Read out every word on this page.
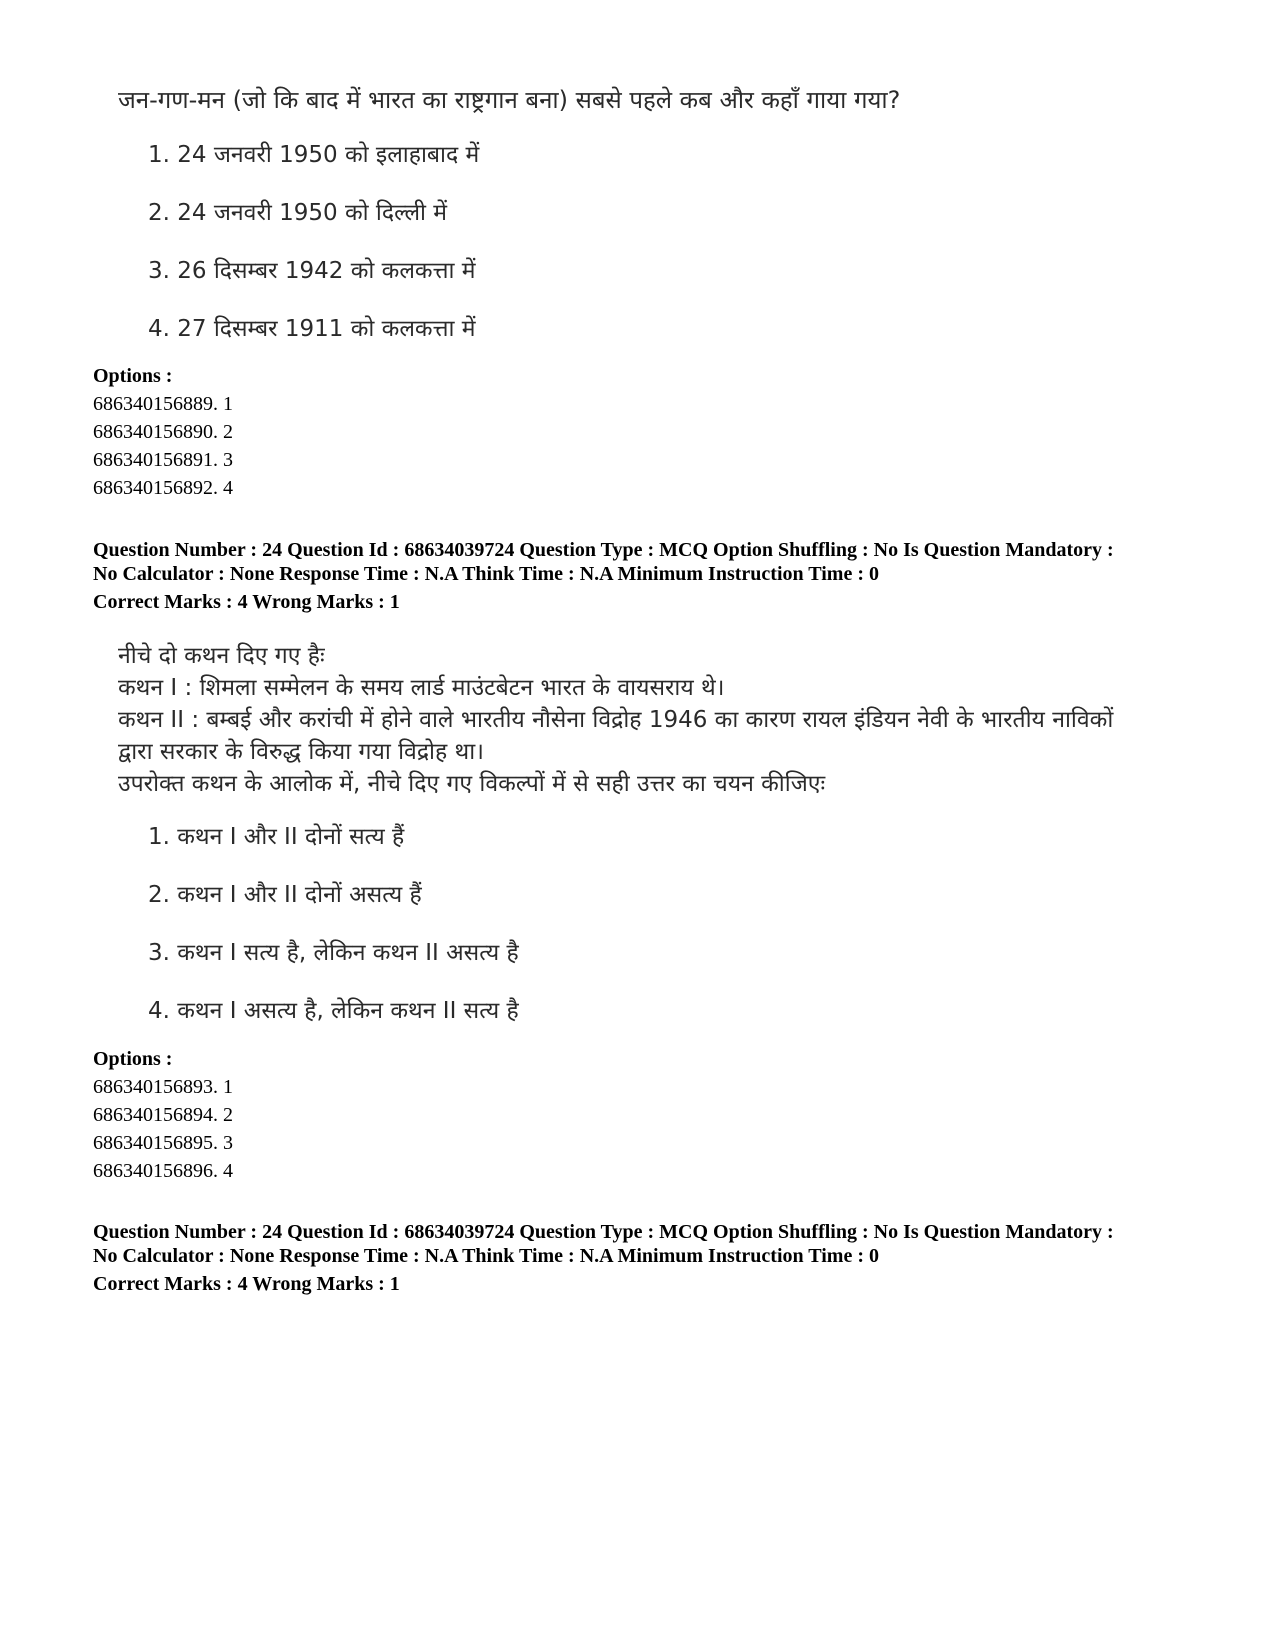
जन-गण-मन (जो कि बाद में भारत का राष्ट्रगान बना) सबसे पहले कब और कहाँ गाया गया?

1. 24 जनवरी 1950 को इलाहाबाद में
2. 24 जनवरी 1950 को दिल्ली में
3. 26 दिसम्बर 1942 को कलकत्ता में
4. 27 दिसम्बर 1911 को कलकत्ता में
Options :
686340156889. 1
686340156890. 2
686340156891. 3
686340156892. 4
Question Number : 24 Question Id : 68634039724 Question Type : MCQ Option Shuffling : No Is Question Mandatory :
No Calculator : None Response Time : N.A Think Time : N.A Minimum Instruction Time : 0
Correct Marks : 4 Wrong Marks : 1
नीचे दो कथन दिए गए हैः
कथन I : शिमला सम्मेलन के समय लार्ड माउंटबेटन भारत के वायसराय थे।
कथन II : बम्बई और करांची में होने वाले भारतीय नौसेना विद्रोह 1946 का कारण रायल इंडियन नेवी के भारतीय नाविकों
द्वारा सरकार के विरुद्ध किया गया विद्रोह था।
उपरोक्त कथन के आलोक में, नीचे दिए गए विकल्पों में से सही उत्तर का चयन कीजिएः
1. कथन I और II दोनों सत्य हैं
2. कथन I और II दोनों असत्य हैं
3. कथन I सत्य है, लेकिन कथन II असत्य है
4. कथन I असत्य है, लेकिन कथन II सत्य है
Options :
686340156893. 1
686340156894. 2
686340156895. 3
686340156896. 4
Question Number : 24 Question Id : 68634039724 Question Type : MCQ Option Shuffling : No Is Question Mandatory :
No Calculator : None Response Time : N.A Think Time : N.A Minimum Instruction Time : 0
Correct Marks : 4 Wrong Marks : 1
